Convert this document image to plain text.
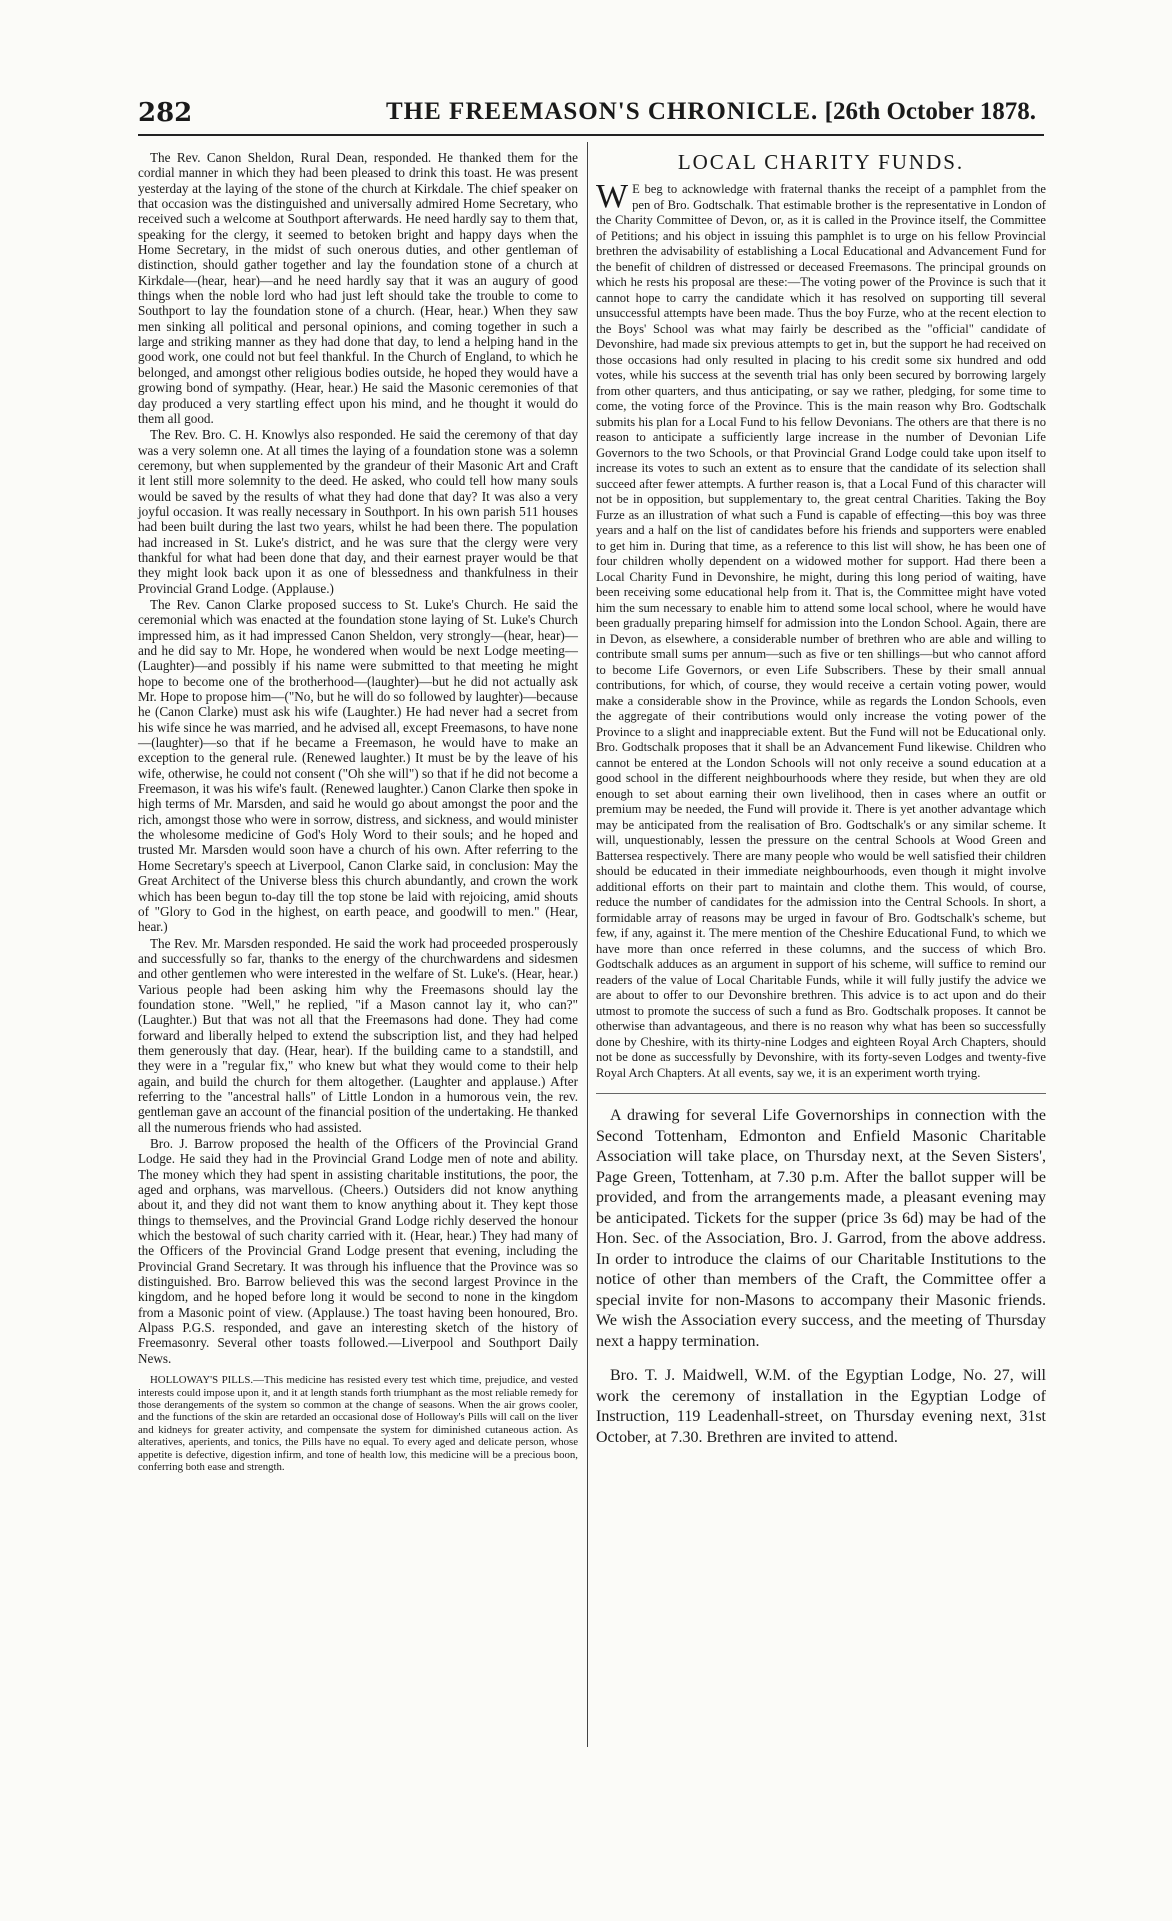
282	THE FREEMASON'S CHRONICLE. [26th October 1878.

The Rev. Canon Sheldon, Rural Dean, responded. He thanked them for the cordial manner in which they had been pleased to drink this toast. He was present yesterday at the laying of the stone of the church at Kirkdale. The chief speaker on that occasion was the distinguished and universally admired Home Secretary, who received such a welcome at Southport afterwards. He need hardly say to them that, speaking for the clergy, it seemed to betoken bright and happy days when the Home Secretary, in the midst of such onerous duties, and other gentleman of distinction, should gather together and lay the foundation stone of a church at Kirkdale—(hear, hear)—and he need hardly say that it was an augury of good things when the noble lord who had just left should take the trouble to come to Southport to lay the foundation stone of a church. (Hear, hear.) When they saw men sinking all political and personal opinions, and coming together in such a large and striking manner as they had done that day, to lend a helping hand in the good work, one could not but feel thankful. In the Church of England, to which he belonged, and amongst other religious bodies outside, he hoped they would have a growing bond of sympathy. (Hear, hear.) He said the Masonic ceremonies of that day produced a very startling effect upon his mind, and he thought it would do them all good.

The Rev. Bro. C. H. Knowlys also responded. He said the ceremony of that day was a very solemn one. At all times the laying of a foundation stone was a solemn ceremony, but when supplemented by the grandeur of their Masonic Art and Craft it lent still more solemnity to the deed. He asked, who could tell how many souls would be saved by the results of what they had done that day? It was also a very joyful occasion. It was really necessary in Southport. In his own parish 511 houses had been built during the last two years, whilst he had been there. The population had increased in St. Luke's district, and he was sure that the clergy were very thankful for what had been done that day, and their earnest prayer would be that they might look back upon it as one of blessedness and thankfulness in their Provincial Grand Lodge. (Applause.)

The Rev. Canon Clarke proposed success to St. Luke's Church. He said the ceremonial which was enacted at the foundation stone laying of St. Luke's Church impressed him, as it had impressed Canon Sheldon, very strongly—(hear, hear)—and he did say to Mr. Hope, he wondered when would be next Lodge meeting—(Laughter)—and possibly if his name were submitted to that meeting he might hope to become one of the brotherhood—(laughter)—but he did not actually ask Mr. Hope to propose him—("No, but he will do so followed by laughter)—because he (Canon Clarke) must ask his wife (Laughter.) He had never had a secret from his wife since he was married, and he advised all, except Freemasons, to have none—(laughter)—so that if he became a Freemason, he would have to make an exception to the general rule. (Renewed laughter.) It must be by the leave of his wife, otherwise, he could not consent ("Oh she will") so that if he did not become a Freemason, it was his wife's fault. (Renewed laughter.) Canon Clarke then spoke in high terms of Mr. Marsden, and said he would go about amongst the poor and the rich, amongst those who were in sorrow, distress, and sickness, and would minister the wholesome medicine of God's Holy Word to their souls; and he hoped and trusted Mr. Marsden would soon have a church of his own. After referring to the Home Secretary's speech at Liverpool, Canon Clarke said, in conclusion: May the Great Architect of the Universe bless this church abundantly, and crown the work which has been begun to-day till the top stone be laid with rejoicing, amid shouts of "Glory to God in the highest, on earth peace, and goodwill to men." (Hear, hear.)

The Rev. Mr. Marsden responded. He said the work had proceeded prosperously and successfully so far, thanks to the energy of the churchwardens and sidesmen and other gentlemen who were interested in the welfare of St. Luke's. (Hear, hear.) Various people had been asking him why the Freemasons should lay the foundation stone. "Well," he replied, "if a Mason cannot lay it, who can?" (Laughter.) But that was not all that the Freemasons had done. They had come forward and liberally helped to extend the subscription list, and they had helped them generously that day. (Hear, hear). If the building came to a standstill, and they were in a "regular fix," who knew but what they would come to their help again, and build the church for them altogether. (Laughter and applause.) After referring to the "ancestral halls" of Little London in a humorous vein, the rev. gentleman gave an account of the financial position of the undertaking. He thanked all the numerous friends who had assisted.

Bro. J. Barrow proposed the health of the Officers of the Provincial Grand Lodge. He said they had in the Provincial Grand Lodge men of note and ability. The money which they had spent in assisting charitable institutions, the poor, the aged and orphans, was marvellous. (Cheers.) Outsiders did not know anything about it, and they did not want them to know anything about it. They kept those things to themselves, and the Provincial Grand Lodge richly deserved the honour which the bestowal of such charity carried with it. (Hear, hear.) They had many of the Officers of the Provincial Grand Lodge present that evening, including the Provincial Grand Secretary. It was through his influence that the Province was so distinguished. Bro. Barrow believed this was the second largest Province in the kingdom, and he hoped before long it would be second to none in the kingdom from a Masonic point of view. (Applause.) The toast having been honoured, Bro. Alpass P.G.S. responded, and gave an interesting sketch of the history of Freemasonry. Several other toasts followed.—Liverpool and Southport Daily News.

HOLLOWAY'S PILLS.—This medicine has resisted every test which time, prejudice, and vested interests could impose upon it, and it at length stands forth triumphant as the most reliable remedy for those derangements of the system so common at the change of seasons. When the air grows cooler, and the functions of the skin are retarded an occasional dose of Holloway's Pills will call on the liver and kidneys for greater activity, and compensate the system for diminished cutaneous action. As alteratives, aperients, and tonics, the Pills have no equal. To every aged and delicate person, whose appetite is defective, digestion infirm, and tone of health low, this medicine will be a precious boon, conferring both ease and strength.

LOCAL CHARITY FUNDS.
W E beg to acknowledge with fraternal thanks the receipt of a pamphlet from the pen of Bro. Godtschalk. That estimable brother is the representative in London of the Charity Committee of Devon, or, as it is called in the Province itself, the Committee of Petitions; and his object in issuing this pamphlet is to urge on his fellow Provincial brethren the advisability of establishing a Local Educational and Advancement Fund for the benefit of children of distressed or deceased Freemasons. The principal grounds on which he rests his proposal are these:—The voting power of the Province is such that it cannot hope to carry the candidate which it has resolved on supporting till several unsuccessful attempts have been made. Thus the boy Furze, who at the recent election to the Boys' School was what may fairly be described as the "official" candidate of Devonshire, had made six previous attempts to get in, but the support he had received on those occasions had only resulted in placing to his credit some six hundred and odd votes, while his success at the seventh trial has only been secured by borrowing largely from other quarters, and thus anticipating, or say we rather, pledging, for some time to come, the voting force of the Province. This is the main reason why Bro. Godtschalk submits his plan for a Local Fund to his fellow Devonians. The others are that there is no reason to anticipate a sufficiently large increase in the number of Devonian Life Governors to the two Schools, or that Provincial Grand Lodge could take upon itself to increase its votes to such an extent as to ensure that the candidate of its selection shall succeed after fewer attempts. A further reason is, that a Local Fund of this character will not be in opposition, but supplementary to, the great central Charities. Taking the Boy Furze as an illustration of what such a Fund is capable of effecting—this boy was three years and a half on the list of candidates before his friends and supporters were enabled to get him in. During that time, as a reference to this list will show, he has been one of four children wholly dependent on a widowed mother for support. Had there been a Local Charity Fund in Devonshire, he might, during this long period of waiting, have been receiving some educational help from it. That is, the Committee might have voted him the sum necessary to enable him to attend some local school, where he would have been gradually preparing himself for admission into the London School. Again, there are in Devon, as elsewhere, a considerable number of brethren who are able and willing to contribute small sums per annum—such as five or ten shillings—but who cannot afford to become Life Governors, or even Life Subscribers. These by their small annual contributions, for which, of course, they would receive a certain voting power, would make a considerable show in the Province, while as regards the London Schools, even the aggregate of their contributions would only increase the voting power of the Province to a slight and inappreciable extent. But the Fund will not be Educational only. Bro. Godtschalk proposes that it shall be an Advancement Fund likewise. Children who cannot be entered at the London Schools will not only receive a sound education at a good school in the different neighbourhoods where they reside, but when they are old enough to set about earning their own livelihood, then in cases where an outfit or premium may be needed, the Fund will provide it. There is yet another advantage which may be anticipated from the realisation of Bro. Godtschalk's or any similar scheme. It will, unquestionably, lessen the pressure on the central Schools at Wood Green and Battersea respectively. There are many people who would be well satisfied their children should be educated in their immediate neighbourhoods, even though it might involve additional efforts on their part to maintain and clothe them. This would, of course, reduce the number of candidates for the admission into the Central Schools. In short, a formidable array of reasons may be urged in favour of Bro. Godtschalk's scheme, but few, if any, against it. The mere mention of the Cheshire Educational Fund, to which we have more than once referred in these columns, and the success of which Bro. Godtschalk adduces as an argument in support of his scheme, will suffice to remind our readers of the value of Local Charitable Funds, while it will fully justify the advice we are about to offer to our Devonshire brethren. This advice is to act upon and do their utmost to promote the success of such a fund as Bro. Godtschalk proposes. It cannot be otherwise than advantageous, and there is no reason why what has been so successfully done by Cheshire, with its thirty-nine Lodges and eighteen Royal Arch Chapters, should not be done as successfully by Devonshire, with its forty-seven Lodges and twenty-five Royal Arch Chapters. At all events, say we, it is an experiment worth trying.

A drawing for several Life Governorships in connection with the Second Tottenham, Edmonton and Enfield Masonic Charitable Association will take place, on Thursday next, at the Seven Sisters', Page Green, Tottenham, at 7.30 p.m. After the ballot supper will be provided, and from the arrangements made, a pleasant evening may be anticipated. Tickets for the supper (price 3s 6d) may be had of the Hon. Sec. of the Association, Bro. J. Garrod, from the above address. In order to introduce the claims of our Charitable Institutions to the notice of other than members of the Craft, the Committee offer a special invite for non-Masons to accompany their Masonic friends. We wish the Association every success, and the meeting of Thursday next a happy termination.

Bro. T. J. Maidwell, W.M. of the Egyptian Lodge, No. 27, will work the ceremony of installation in the Egyptian Lodge of Instruction, 119 Leadenhall-street, on Thursday evening next, 31st October, at 7.30. Brethren are invited to attend.
